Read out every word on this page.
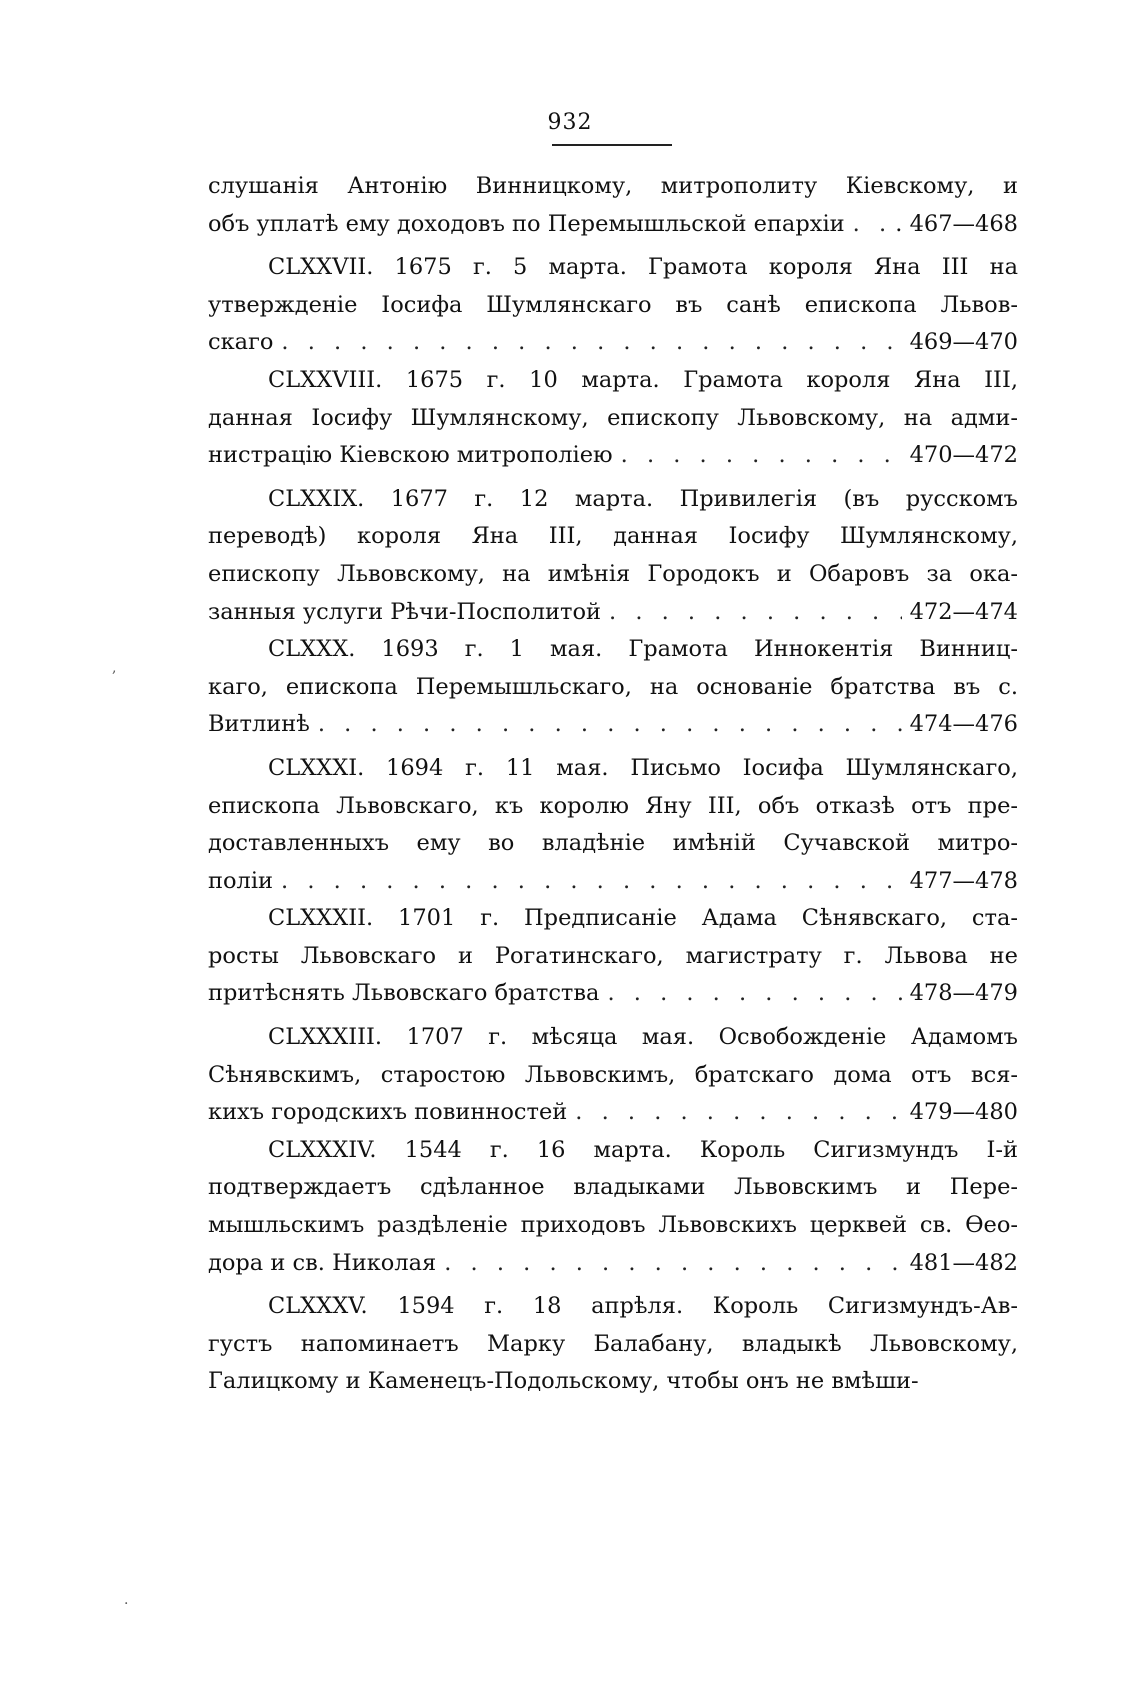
932
слушанія Антонію Винницкому, митрополиту Кіевскому, и
объ уплатѣ ему доходовъ по Перемышльской епархіи . . . . 467—468
CLXXVII. 1675 г. 5 марта. Грамота короля Яна III на
утвержденіе Іосифа Шумлянскаго въ санѣ епископа Львов-
скаго . . .	469—470
CLXXVIII. 1675 г. 10 марта. Грамота короля Яна III,
данная Іосифу Шумлянскому, епископу Львовскому, на адми-
нистрацію Кіевскою митрополіею . . .	470—472
CLXXIX. 1677 г. 12 марта. Привилегія (въ русскомъ
переводѣ) короля Яна III, данная Іосифу Шумлянскому,
епископу Львовскому, на имѣнія Городокъ и Обаровъ за ока-
занныя услуги Рѣчи-Посполитой . . .	472—474
CLXXX. 1693 г. 1 мая. Грамота Иннокентія Винниц-
каго, епископа Перемышльскаго, на основаніе братства въ с.
Витлинѣ . . .	474—476
CLXXXI. 1694 г. 11 мая. Письмо Іосифа Шумлянскаго,
епископа Львовскаго, къ королю Яну III, объ отказѣ отъ пре-
доставленныхъ ему во владѣніе имѣній Сучавской митро-
поліи . . .	477—478
CLXXXII. 1701 г. Предписаніе Адама Сѣнявскаго, ста-
росты Львовскаго и Рогатинскаго, магистрату г. Львова не
притѣснять Львовскаго братства . . .	478—479
CLXXXIII. 1707 г. мѣсяца мая. Освобожденіе Адамомъ
Сѣнявскимъ, старостою Львовскимъ, братскаго дома отъ вся-
кихъ городскихъ повинностей . . .	479—480
CLXXXIV. 1544 г. 16 марта. Король Сигизмундъ I-й
подтверждаетъ сдѣланное владыками Львовскимъ и Пере-
мышльскимъ раздѣленіе приходовъ Львовскихъ церквей св. Ѳео-
дора и св. Николая . . .	481—482
CLXXXV. 1594 г. 18 апрѣля. Король Сигизмундъ-Ав-
густъ напоминаетъ Марку Балабану, владыкѣ Львовскому,
Галицкому и Каменецъ-Подольскому, чтобы онъ не вмѣши-
,
·
